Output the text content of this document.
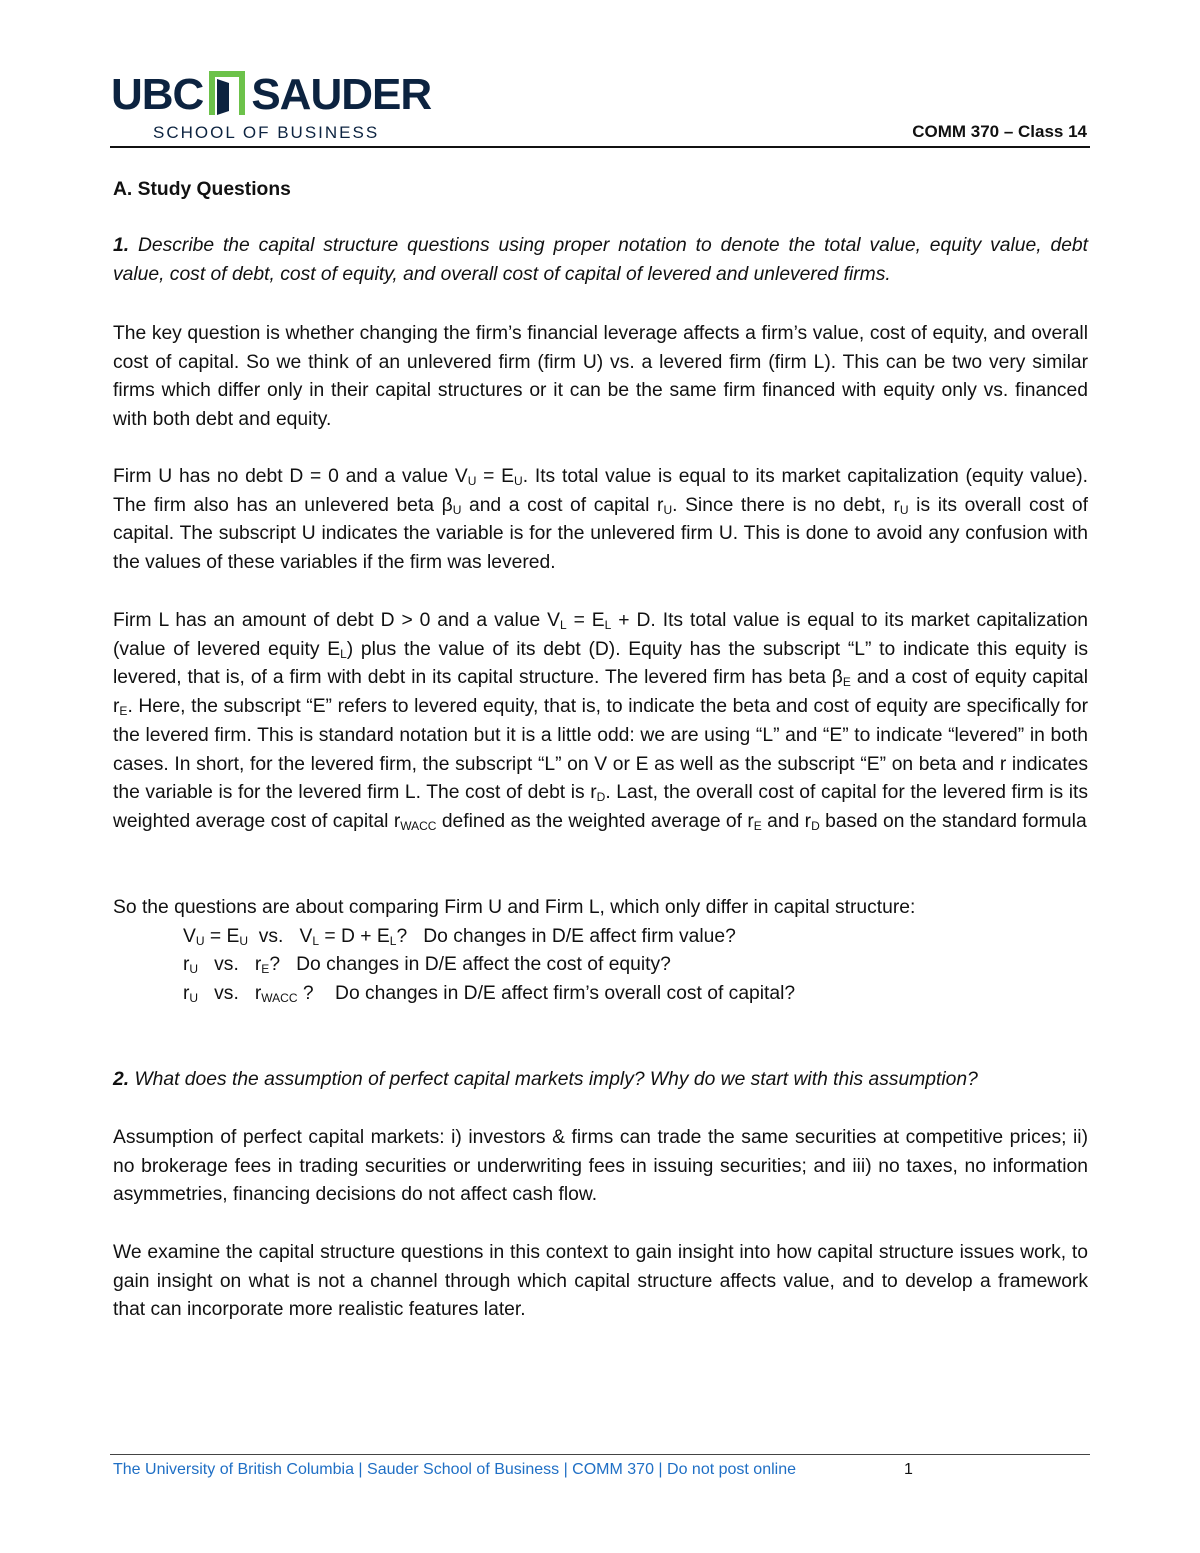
UBC SAUDER
SCHOOL OF BUSINESS	COMM 370 – Class 14
A. Study Questions
1. Describe the capital structure questions using proper notation to denote the total value, equity value, debt value, cost of debt, cost of equity, and overall cost of capital of levered and unlevered firms.
The key question is whether changing the firm’s financial leverage affects a firm’s value, cost of equity, and overall cost of capital. So we think of an unlevered firm (firm U) vs. a levered firm (firm L). This can be two very similar firms which differ only in their capital structures or it can be the same firm financed with equity only vs. financed with both debt and equity.
Firm U has no debt D = 0 and a value $V_U = E_U$. Its total value is equal to its market capitalization (equity value). The firm also has an unlevered beta $\beta_U$ and a cost of capital $r_U$. Since there is no debt, $r_U$ is its overall cost of capital. The subscript U indicates the variable is for the unlevered firm U. This is done to avoid any confusion with the values of these variables if the firm was levered.
Firm L has an amount of debt D > 0 and a value $V_L = E_L + D$. Its total value is equal to its market capitalization (value of levered equity $E_L$) plus the value of its debt (D). Equity has the subscript “L” to indicate this equity is levered, that is, of a firm with debt in its capital structure. The levered firm has beta $\beta_E$ and a cost of equity capital $r_E$. Here, the subscript “E” refers to levered equity, that is, to indicate the beta and cost of equity are specifically for the levered firm. This is standard notation but it is a little odd: we are using “L” and “E” to indicate “levered” in both cases. In short, for the levered firm, the subscript “L” on V or E as well as the subscript “E” on beta and r indicates the variable is for the levered firm L. The cost of debt is $r_D$. Last, the overall cost of capital for the levered firm is its weighted average cost of capital $r_{WACC}$ defined as the weighted average of $r_E$ and $r_D$ based on the standard formula
So the questions are about comparing Firm U and Firm L, which only differ in capital structure:
$V_U = E_U$  vs.   $V_L = D + E_L$?   Do changes in D/E affect firm value?
$r_U$   vs.   $r_E$?   Do changes in D/E affect the cost of equity?
$r_U$   vs.   $r_{WACC}$ ?    Do changes in D/E affect firm’s overall cost of capital?
2. What does the assumption of perfect capital markets imply? Why do we start with this assumption?
Assumption of perfect capital markets: i) investors & firms can trade the same securities at competitive prices; ii) no brokerage fees in trading securities or underwriting fees in issuing securities; and iii) no taxes, no information asymmetries, financing decisions do not affect cash flow.
We examine the capital structure questions in this context to gain insight into how capital structure issues work, to gain insight on what is not a channel through which capital structure affects value, and to develop a framework that can incorporate more realistic features later.
The University of British Columbia | Sauder School of Business | COMM 370 | Do not post online	1
